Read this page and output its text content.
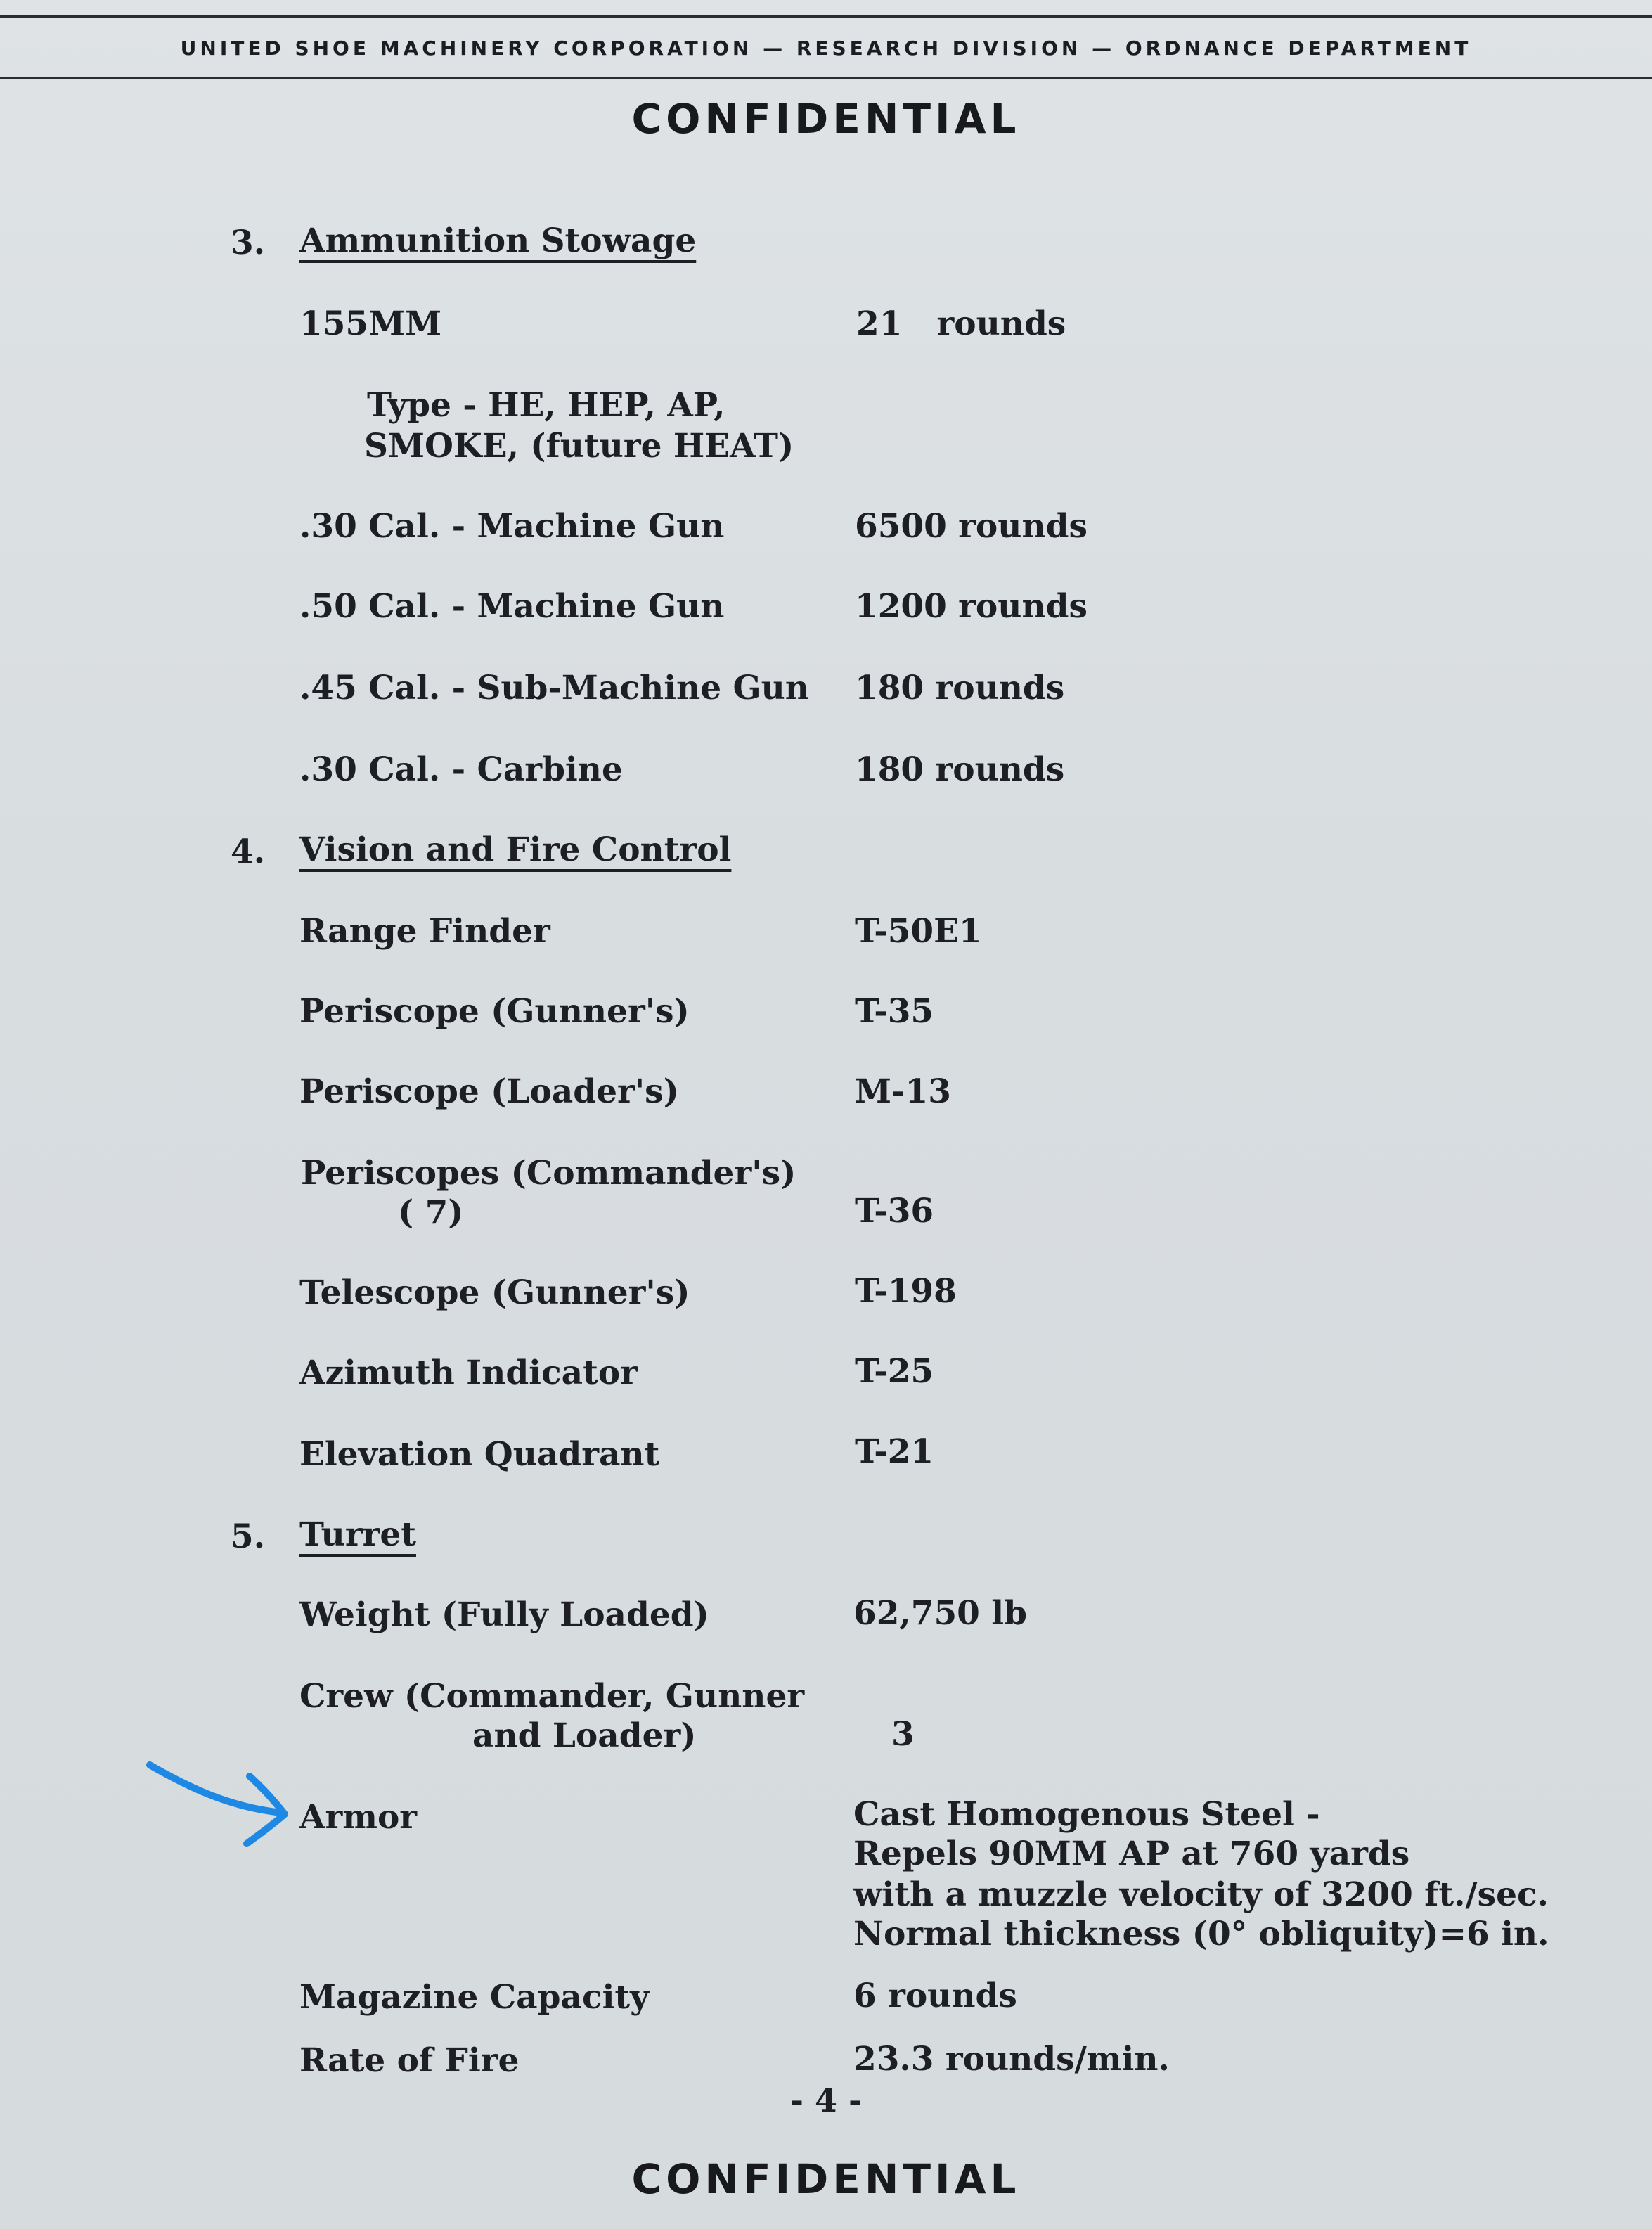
UNITED SHOE MACHINERY CORPORATION — RESEARCH DIVISION — ORDNANCE DEPARTMENT
CONFIDENTIAL
3. Ammunition Stowage
155MM	21   rounds
Type - HE, HEP, AP,
SMOKE, (future HEAT)
.30 Cal. - Machine Gun	6500 rounds
.50 Cal. - Machine Gun	1200 rounds
.45 Cal. - Sub-Machine Gun 180 rounds
.30 Cal. - Carbine	180 rounds
4. Vision and Fire Control
Range Finder	T-50E1
Periscope (Gunner's)	T-35
Periscope (Loader's)	M-13
Periscopes (Commander's)
( 7)	T-36
Telescope (Gunner's)	T-198
Azimuth Indicator	T-25
Elevation Quadrant	T-21
5. Turret
Weight (Fully Loaded)	62,750 lb
Crew (Commander, Gunner
and Loader)	3
Armor	Cast Homogenous Steel -
Repels 90MM AP at 760 yards
with a muzzle velocity of 3200 ft./sec.
Normal thickness (0° obliquity)=6 in.
Magazine Capacity	6 rounds
Rate of Fire	23.3 rounds/min.
- 4 -
CONFIDENTIAL
